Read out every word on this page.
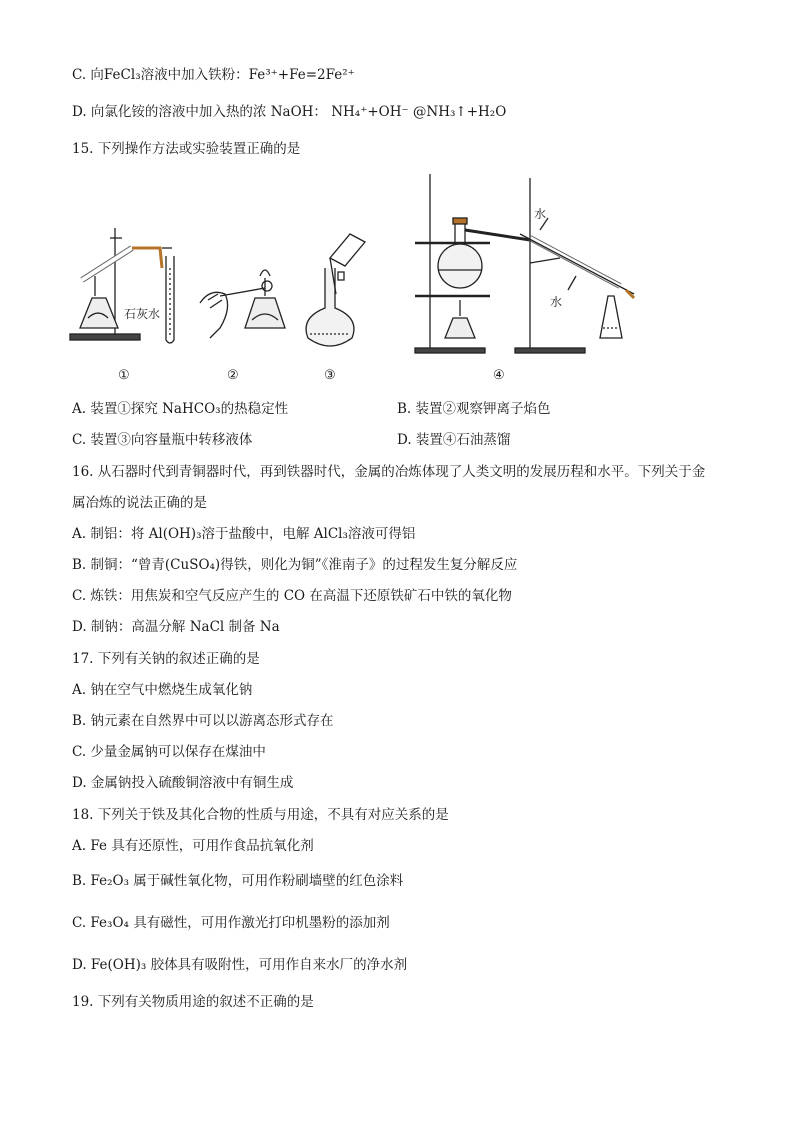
C. 向FeCl₃溶液中加入铁粉：Fe³⁺+Fe=2Fe²⁺
D. 向氯化铵的溶液中加入热的浓 NaOH： NH₄⁺+OH⁻ @NH₃↑+H₂O
15. 下列操作方法或实验装置正确的是
石灰水
水
水
①	②	③	④
A. 装置①探究 NaHCO₃的热稳定性	B. 装置②观察钾离子焰色
C. 装置③向容量瓶中转移液体	D. 装置④石油蒸馏
16. 从石器时代到青铜器时代，再到铁器时代，金属的冶炼体现了人类文明的发展历程和水平。下列关于金
属冶炼的说法正确的是
A. 制铝：将 Al(OH)₃溶于盐酸中，电解 AlCl₃溶液可得铝
B. 制铜：“曾青(CuSO₄)得铁，则化为铜”《淮南子》的过程发生复分解反应
C. 炼铁：用焦炭和空气反应产生的 CO 在高温下还原铁矿石中铁的氧化物
D. 制钠：高温分解 NaCl 制备 Na
17. 下列有关钠的叙述正确的是
A. 钠在空气中燃烧生成氧化钠
B. 钠元素在自然界中可以以游离态形式存在
C. 少量金属钠可以保存在煤油中
D. 金属钠投入硫酸铜溶液中有铜生成
18. 下列关于铁及其化合物的性质与用途，不具有对应关系的是
A. Fe 具有还原性，可用作食品抗氧化剂
B. Fe₂O₃ 属于碱性氧化物，可用作粉刷墙壁的红色涂料
C. Fe₃O₄ 具有磁性，可用作激光打印机墨粉的添加剂
D. Fe(OH)₃ 胶体具有吸附性，可用作自来水厂的净水剂
19. 下列有关物质用途的叙述不正确的是
